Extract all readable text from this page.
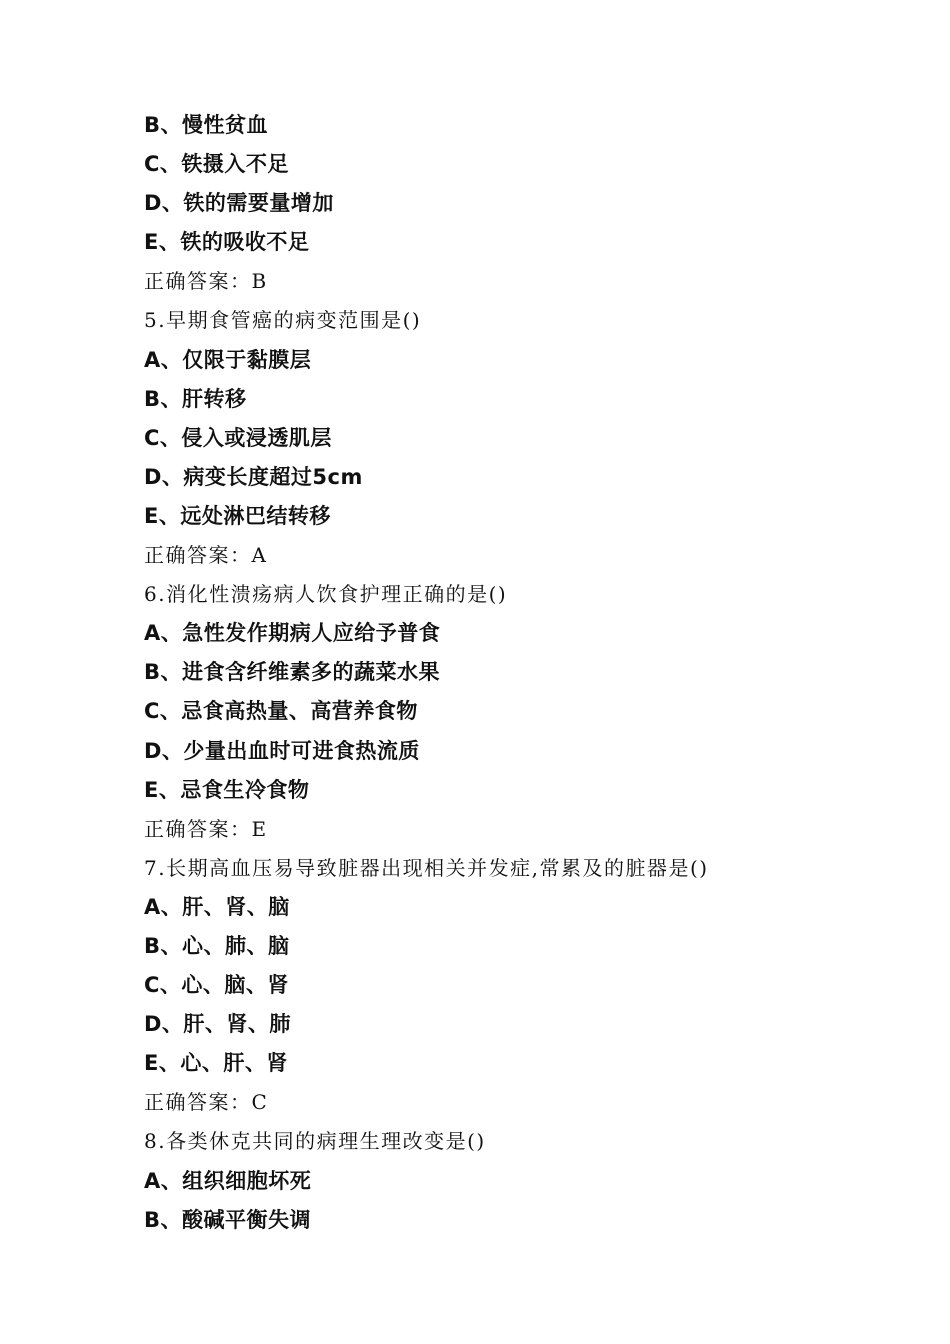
B、慢性贫血
C、铁摄入不足
D、铁的需要量增加
E、铁的吸收不足
正确答案：B
5.早期食管癌的病变范围是()
A、仅限于黏膜层
B、肝转移
C、侵入或浸透肌层
D、病变长度超过5cm
E、远处淋巴结转移
正确答案：A
6.消化性溃疡病人饮食护理正确的是()
A、急性发作期病人应给予普食
B、进食含纤维素多的蔬菜水果
C、忌食高热量、高营养食物
D、少量出血时可进食热流质
E、忌食生冷食物
正确答案：E
7.长期高血压易导致脏器出现相关并发症,常累及的脏器是()
A、肝、肾、脑
B、心、肺、脑
C、心、脑、肾
D、肝、肾、肺
E、心、肝、肾
正确答案：C
8.各类休克共同的病理生理改变是()
A、组织细胞坏死
B、酸碱平衡失调
